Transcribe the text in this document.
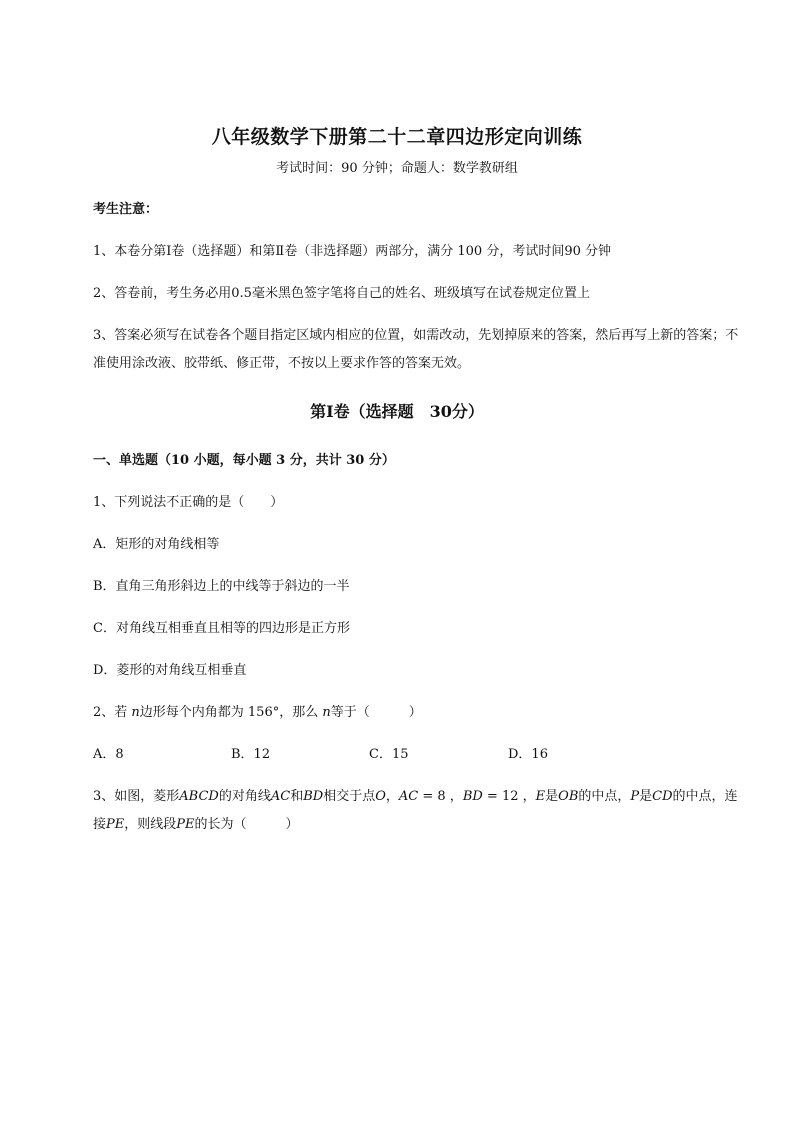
八年级数学下册第二十二章四边形定向训练
考试时间：90 分钟；命题人：数学教研组
考生注意：
1、本卷分第Ⅰ卷（选择题）和第Ⅱ卷（非选择题）两部分，满分 100 分，考试时间90 分钟
2、答卷前，考生务必用0.5毫米黑色签字笔将自己的姓名、班级填写在试卷规定位置上
3、答案必须写在试卷各个题目指定区域内相应的位置，如需改动，先划掉原来的答案，然后再写上新的答案；不准使用涂改液、胶带纸、修正带，不按以上要求作答的答案无效。
第Ⅰ卷（选择题　30分）
一、单选题（10 小题，每小题 3 分，共计 30 分）
1、下列说法不正确的是（　　）
A．矩形的对角线相等
B．直角三角形斜边上的中线等于斜边的一半
C．对角线互相垂直且相等的四边形是正方形
D．菱形的对角线互相垂直
2、若 n边形每个内角都为 156°，那么 n等于（　　　）
A．8	B．12	C．15	D．16
3、如图，菱形ABCD的对角线AC和BD相交于点O，AC = 8 ，BD = 12 ，E是OB的中点，P是CD的中点，连接PE，则线段PE的长为（　　　）
